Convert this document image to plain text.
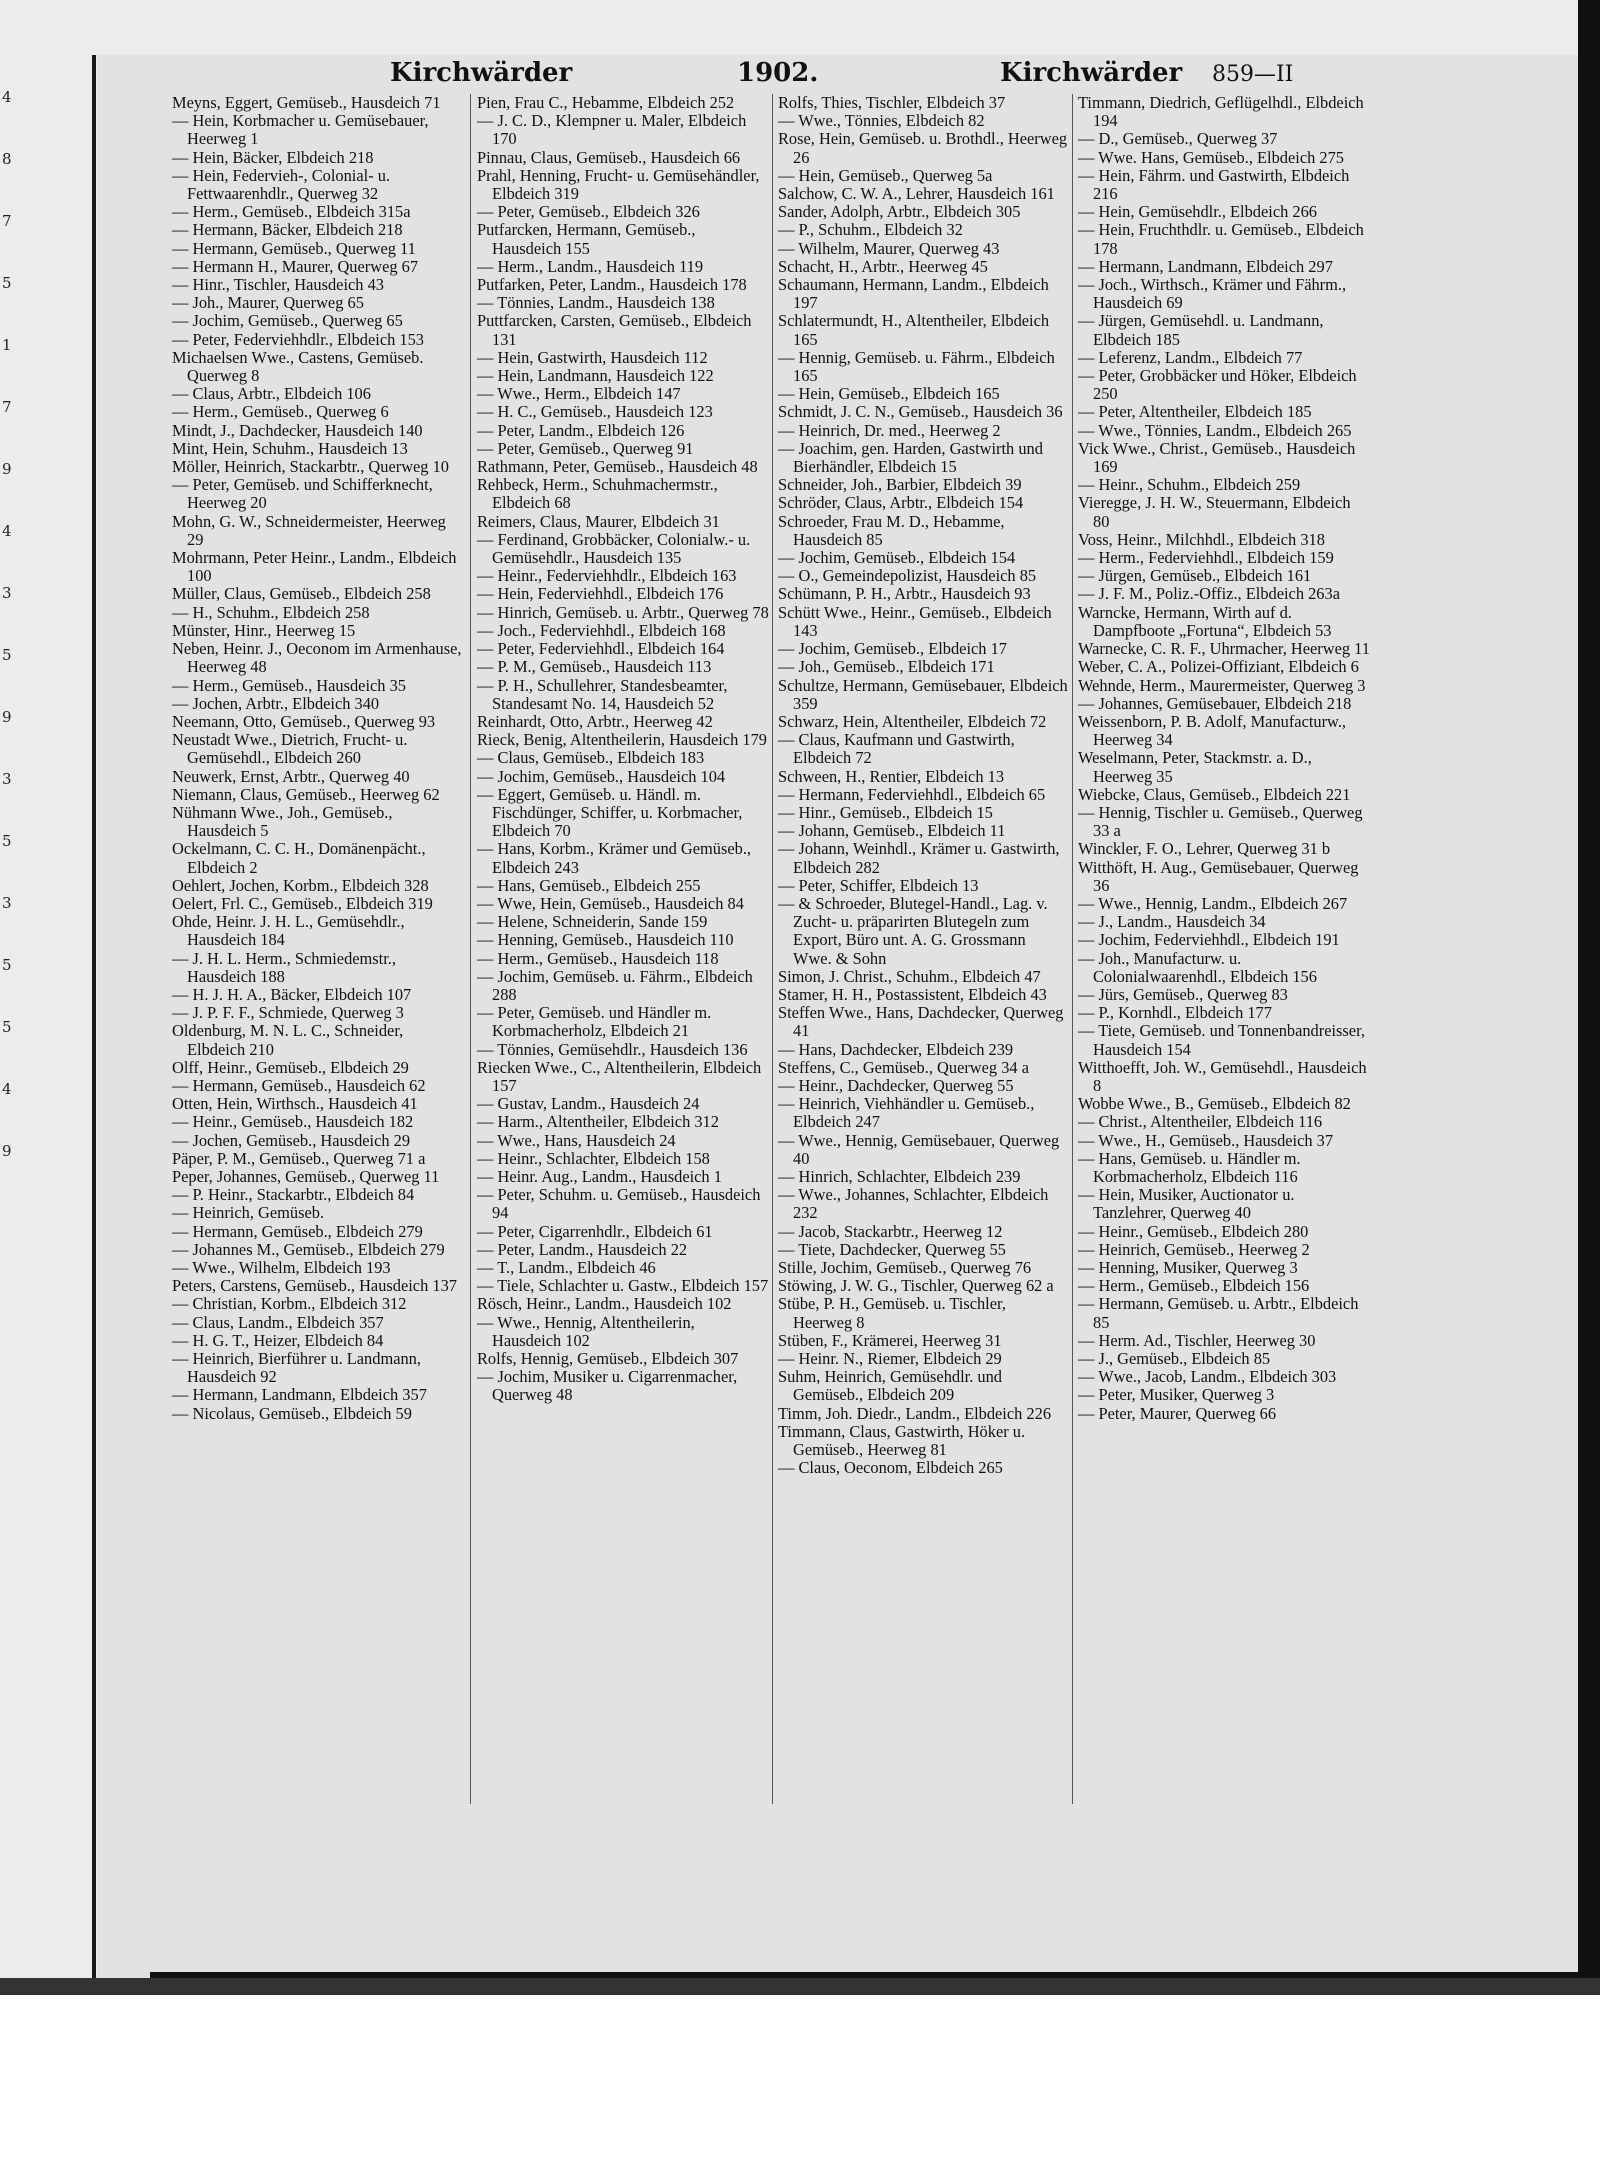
4
8
7
5
1
7
9
4
3
5
9
3
5
3
5
5
4
9
Kirchwärder	1902.	Kirchwärder 859—II

Meyns, Eggert, Gemüseb., Hausdeich 71

— Hein, Korbmacher u. Gemüsebauer, Heerweg 1

— Hein, Bäcker, Elbdeich 218

— Hein, Federvieh-, Colonial- u. Fettwaarenhdlr., Querweg 32

— Herm., Gemüseb., Elbdeich 315a

— Hermann, Bäcker, Elbdeich 218

— Hermann, Gemüseb., Querweg 11

— Hermann H., Maurer, Querweg 67

— Hinr., Tischler, Hausdeich 43

— Joh., Maurer, Querweg 65

— Jochim, Gemüseb., Querweg 65

— Peter, Federviehhdlr., Elbdeich 153

Michaelsen Wwe., Castens, Gemüseb. Querweg 8

— Claus, Arbtr., Elbdeich 106

— Herm., Gemüseb., Querweg 6

Mindt, J., Dachdecker, Hausdeich 140

Mint, Hein, Schuhm., Hausdeich 13

Möller, Heinrich, Stackarbtr., Querweg 10

— Peter, Gemüseb. und Schifferknecht, Heerweg 20

Mohn, G. W., Schneidermeister, Heerweg 29

Mohrmann, Peter Heinr., Landm., Elbdeich 100

Müller, Claus, Gemüseb., Elbdeich 258

— H., Schuhm., Elbdeich 258

Münster, Hinr., Heerweg 15

Neben, Heinr. J., Oeconom im Armenhause, Heerweg 48

— Herm., Gemüseb., Hausdeich 35

— Jochen, Arbtr., Elbdeich 340

Neemann, Otto, Gemüseb., Querweg 93

Neustadt Wwe., Dietrich, Frucht- u. Gemüsehdl., Elbdeich 260

Neuwerk, Ernst, Arbtr., Querweg 40

Niemann, Claus, Gemüseb., Heerweg 62

Nühmann Wwe., Joh., Gemüseb., Hausdeich 5

Ockelmann, C. C. H., Domänenpächt., Elbdeich 2

Oehlert, Jochen, Korbm., Elbdeich 328

Oelert, Frl. C., Gemüseb., Elbdeich 319

Ohde, Heinr. J. H. L., Gemüsehdlr., Hausdeich 184

— J. H. L. Herm., Schmiedemstr., Hausdeich 188

— H. J. H. A., Bäcker, Elbdeich 107

— J. P. F. F., Schmiede, Querweg 3

Oldenburg, M. N. L. C., Schneider, Elbdeich 210

Olff, Heinr., Gemüseb., Elbdeich 29

— Hermann, Gemüseb., Hausdeich 62

Otten, Hein, Wirthsch., Hausdeich 41

— Heinr., Gemüseb., Hausdeich 182

— Jochen, Gemüseb., Hausdeich 29

Päper, P. M., Gemüseb., Querweg 71 a

Peper, Johannes, Gemüseb., Querweg 11

— P. Heinr., Stackarbtr., Elbdeich 84

— Heinrich, Gemüseb.

— Hermann, Gemüseb., Elbdeich 279

— Johannes M., Gemüseb., Elbdeich 279

— Wwe., Wilhelm, Elbdeich 193

Peters, Carstens, Gemüseb., Hausdeich 137

— Christian, Korbm., Elbdeich 312

— Claus, Landm., Elbdeich 357

— H. G. T., Heizer, Elbdeich 84

— Heinrich, Bierführer u. Landmann, Hausdeich 92

— Hermann, Landmann, Elbdeich 357

— Nicolaus, Gemüseb., Elbdeich 59

Pien, Frau C., Hebamme, Elbdeich 252

— J. C. D., Klempner u. Maler, Elbdeich 170

Pinnau, Claus, Gemüseb., Hausdeich 66

Prahl, Henning, Frucht- u. Gemüsehändler, Elbdeich 319

— Peter, Gemüseb., Elbdeich 326

Putfarcken, Hermann, Gemüseb., Hausdeich 155

— Herm., Landm., Hausdeich 119

Putfarken, Peter, Landm., Hausdeich 178

— Tönnies, Landm., Hausdeich 138

Puttfarcken, Carsten, Gemüseb., Elbdeich 131

— Hein, Gastwirth, Hausdeich 112

— Hein, Landmann, Hausdeich 122

— Wwe., Herm., Elbdeich 147

— H. C., Gemüseb., Hausdeich 123

— Peter, Landm., Elbdeich 126

— Peter, Gemüseb., Querweg 91

Rathmann, Peter, Gemüseb., Hausdeich 48

Rehbeck, Herm., Schuhmachermstr., Elbdeich 68

Reimers, Claus, Maurer, Elbdeich 31

— Ferdinand, Grobbäcker, Colonialw.- u. Gemüsehdlr., Hausdeich 135

— Heinr., Federviehhdlr., Elbdeich 163

— Hein, Federviehhdl., Elbdeich 176

— Hinrich, Gemüseb. u. Arbtr., Querweg 78

— Joch., Federviehhdl., Elbdeich 168

— Peter, Federviehhdl., Elbdeich 164

— P. M., Gemüseb., Hausdeich 113

— P. H., Schullehrer, Standesbeamter, Standesamt No. 14, Hausdeich 52

Reinhardt, Otto, Arbtr., Heerweg 42

Rieck, Benig, Altentheilerin, Hausdeich 179

— Claus, Gemüseb., Elbdeich 183

— Jochim, Gemüseb., Hausdeich 104

— Eggert, Gemüseb. u. Händl. m. Fischdünger, Schiffer, u. Korbmacher, Elbdeich 70

— Hans, Korbm., Krämer und Gemüseb., Elbdeich 243

— Hans, Gemüseb., Elbdeich 255

— Wwe, Hein, Gemüseb., Hausdeich 84

— Helene, Schneiderin, Sande 159

— Henning, Gemüseb., Hausdeich 110

— Herm., Gemüseb., Hausdeich 118

— Jochim, Gemüseb. u. Fährm., Elbdeich 288

— Peter, Gemüseb. und Händler m. Korbmacherholz, Elbdeich 21

— Tönnies, Gemüsehdlr., Hausdeich 136

Riecken Wwe., C., Altentheilerin, Elbdeich 157

— Gustav, Landm., Hausdeich 24

— Harm., Altentheiler, Elbdeich 312

— Wwe., Hans, Hausdeich 24

— Heinr., Schlachter, Elbdeich 158

— Heinr. Aug., Landm., Hausdeich 1

— Peter, Schuhm. u. Gemüseb., Hausdeich 94

— Peter, Cigarrenhdlr., Elbdeich 61

— Peter, Landm., Hausdeich 22

— T., Landm., Elbdeich 46

— Tiele, Schlachter u. Gastw., Elbdeich 157

Rösch, Heinr., Landm., Hausdeich 102

— Wwe., Hennig, Altentheilerin, Hausdeich 102

Rolfs, Hennig, Gemüseb., Elbdeich 307

— Jochim, Musiker u. Cigarrenmacher, Querweg 48

Rolfs, Thies, Tischler, Elbdeich 37

— Wwe., Tönnies, Elbdeich 82

Rose, Hein, Gemüseb. u. Brothdl., Heerweg 26

— Hein, Gemüseb., Querweg 5a

Salchow, C. W. A., Lehrer, Hausdeich 161

Sander, Adolph, Arbtr., Elbdeich 305

— P., Schuhm., Elbdeich 32

— Wilhelm, Maurer, Querweg 43

Schacht, H., Arbtr., Heerweg 45

Schaumann, Hermann, Landm., Elbdeich 197

Schlatermundt, H., Altentheiler, Elbdeich 165

— Hennig, Gemüseb. u. Fährm., Elbdeich 165

— Hein, Gemüseb., Elbdeich 165

Schmidt, J. C. N., Gemüseb., Hausdeich 36

— Heinrich, Dr. med., Heerweg 2

— Joachim, gen. Harden, Gastwirth und Bierhändler, Elbdeich 15

Schneider, Joh., Barbier, Elbdeich 39

Schröder, Claus, Arbtr., Elbdeich 154

Schroeder, Frau M. D., Hebamme, Hausdeich 85

— Jochim, Gemüseb., Elbdeich 154

— O., Gemeindepolizist, Hausdeich 85

Schümann, P. H., Arbtr., Hausdeich 93

Schütt Wwe., Heinr., Gemüseb., Elbdeich 143

— Jochim, Gemüseb., Elbdeich 17

— Joh., Gemüseb., Elbdeich 171

Schultze, Hermann, Gemüsebauer, Elbdeich 359

Schwarz, Hein, Altentheiler, Elbdeich 72

— Claus, Kaufmann und Gastwirth, Elbdeich 72

Schween, H., Rentier, Elbdeich 13

— Hermann, Federviehhdl., Elbdeich 65

— Hinr., Gemüseb., Elbdeich 15

— Johann, Gemüseb., Elbdeich 11

— Johann, Weinhdl., Krämer u. Gastwirth, Elbdeich 282

— Peter, Schiffer, Elbdeich 13

— & Schroeder, Blutegel-Handl., Lag. v. Zucht- u. präparirten Blutegeln zum Export, Büro unt. A. G. Grossmann Wwe. & Sohn

Simon, J. Christ., Schuhm., Elbdeich 47

Stamer, H. H., Postassistent, Elbdeich 43

Steffen Wwe., Hans, Dachdecker, Querweg 41

— Hans, Dachdecker, Elbdeich 239

Steffens, C., Gemüseb., Querweg 34 a

— Heinr., Dachdecker, Querweg 55

— Heinrich, Viehhändler u. Gemüseb., Elbdeich 247

— Wwe., Hennig, Gemüsebauer, Querweg 40

— Hinrich, Schlachter, Elbdeich 239

— Wwe., Johannes, Schlachter, Elbdeich 232

— Jacob, Stackarbtr., Heerweg 12

— Tiete, Dachdecker, Querweg 55

Stille, Jochim, Gemüseb., Querweg 76

Stöwing, J. W. G., Tischler, Querweg 62 a

Stübe, P. H., Gemüseb. u. Tischler, Heerweg 8

Stüben, F., Krämerei, Heerweg 31

— Heinr. N., Riemer, Elbdeich 29

Suhm, Heinrich, Gemüsehdlr. und Gemüseb., Elbdeich 209

Timm, Joh. Diedr., Landm., Elbdeich 226

Timmann, Claus, Gastwirth, Höker u. Gemüseb., Heerweg 81

— Claus, Oeconom, Elbdeich 265

Timmann, Diedrich, Geflügelhdl., Elbdeich 194

— D., Gemüseb., Querweg 37

— Wwe. Hans, Gemüseb., Elbdeich 275

— Hein, Fährm. und Gastwirth, Elbdeich 216

— Hein, Gemüsehdlr., Elbdeich 266

— Hein, Fruchthdlr. u. Gemüseb., Elbdeich 178

— Hermann, Landmann, Elbdeich 297

— Joch., Wirthsch., Krämer und Fährm., Hausdeich 69

— Jürgen, Gemüsehdl. u. Landmann, Elbdeich 185

— Leferenz, Landm., Elbdeich 77

— Peter, Grobbäcker und Höker, Elbdeich 250

— Peter, Altentheiler, Elbdeich 185

— Wwe., Tönnies, Landm., Elbdeich 265

Vick Wwe., Christ., Gemüseb., Hausdeich 169

— Heinr., Schuhm., Elbdeich 259

Vieregge, J. H. W., Steuermann, Elbdeich 80

Voss, Heinr., Milchhdl., Elbdeich 318

— Herm., Federviehhdl., Elbdeich 159

— Jürgen, Gemüseb., Elbdeich 161

— J. F. M., Poliz.-Offiz., Elbdeich 263a

Warncke, Hermann, Wirth auf d. Dampfboote „Fortuna“, Elbdeich 53

Warnecke, C. R. F., Uhrmacher, Heerweg 11

Weber, C. A., Polizei-Offiziant, Elbdeich 6

Wehnde, Herm., Maurermeister, Querweg 3

— Johannes, Gemüsebauer, Elbdeich 218

Weissenborn, P. B. Adolf, Manufacturw., Heerweg 34

Weselmann, Peter, Stackmstr. a. D., Heerweg 35

Wiebcke, Claus, Gemüseb., Elbdeich 221

— Hennig, Tischler u. Gemüseb., Querweg 33 a

Winckler, F. O., Lehrer, Querweg 31 b

Witthöft, H. Aug., Gemüsebauer, Querweg 36

— Wwe., Hennig, Landm., Elbdeich 267

— J., Landm., Hausdeich 34

— Jochim, Federviehhdl., Elbdeich 191

— Joh., Manufacturw. u. Colonialwaarenhdl., Elbdeich 156

— Jürs, Gemüseb., Querweg 83

— P., Kornhdl., Elbdeich 177

— Tiete, Gemüseb. und Tonnenbandreisser, Hausdeich 154

Witthoefft, Joh. W., Gemüsehdl., Hausdeich 8

Wobbe Wwe., B., Gemüseb., Elbdeich 82

— Christ., Altentheiler, Elbdeich 116

— Wwe., H., Gemüseb., Hausdeich 37

— Hans, Gemüseb. u. Händler m. Korbmacherholz, Elbdeich 116

— Hein, Musiker, Auctionator u. Tanzlehrer, Querweg 40

— Heinr., Gemüseb., Elbdeich 280

— Heinrich, Gemüseb., Heerweg 2

— Henning, Musiker, Querweg 3

— Herm., Gemüseb., Elbdeich 156

— Hermann, Gemüseb. u. Arbtr., Elbdeich 85

— Herm. Ad., Tischler, Heerweg 30

— J., Gemüseb., Elbdeich 85

— Wwe., Jacob, Landm., Elbdeich 303

— Peter, Musiker, Querweg 3

— Peter, Maurer, Querweg 66
